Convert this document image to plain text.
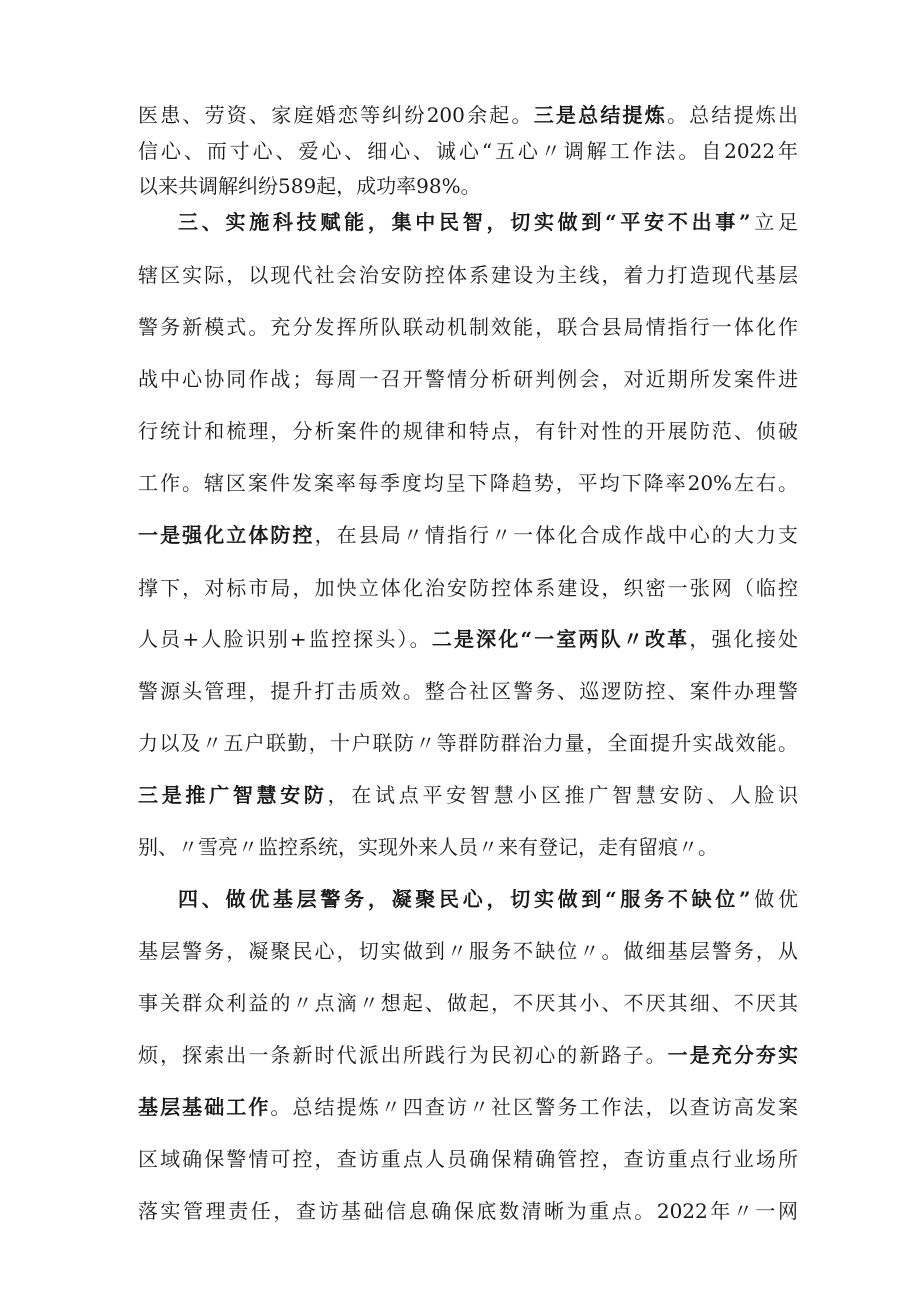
医患、劳资、家庭婚恋等纠纷200余起。三是总结提炼。总结提炼出
信心、而寸心、爱心、细心、诚心“五心〃调解工作法。自2022年
以来共调解纠纷589起，成功率98%。
三、实施科技赋能，集中民智，切实做到“平安不出事”立足
辖区实际，以现代社会治安防控体系建设为主线，着力打造现代基层
警务新模式。充分发挥所队联动机制效能，联合县局情指行一体化作
战中心协同作战；每周一召开警情分析研判例会，对近期所发案件进
行统计和梳理，分析案件的规律和特点，有针对性的开展防范、侦破
工作。辖区案件发案率每季度均呈下降趋势，平均下降率20%左右。
一是强化立体防控，在县局〃情指行〃一体化合成作战中心的大力支
撑下，对标市局，加快立体化治安防控体系建设，织密一张网（临控
人员+人脸识别+监控探头）。二是深化“一室两队〃改革，强化接处
警源头管理，提升打击质效。整合社区警务、巡逻防控、案件办理警
力以及〃五户联勤，十户联防〃等群防群治力量，全面提升实战效能。
三是推广智慧安防，在试点平安智慧小区推广智慧安防、人脸识
别、〃雪亮〃监控系统，实现外来人员〃来有登记，走有留痕〃。
四、做优基层警务，凝聚民心，切实做到“服务不缺位”做优
基层警务，凝聚民心，切实做到〃服务不缺位〃。做细基层警务，从
事关群众利益的〃点滴〃想起、做起，不厌其小、不厌其细、不厌其
烦，探索出一条新时代派出所践行为民初心的新路子。一是充分夯实
基层基础工作。总结提炼〃四查访〃社区警务工作法，以查访高发案
区域确保警情可控，查访重点人员确保精确管控，查访重点行业场所
落实管理责任，查访基础信息确保底数清晰为重点。2022年〃一网
